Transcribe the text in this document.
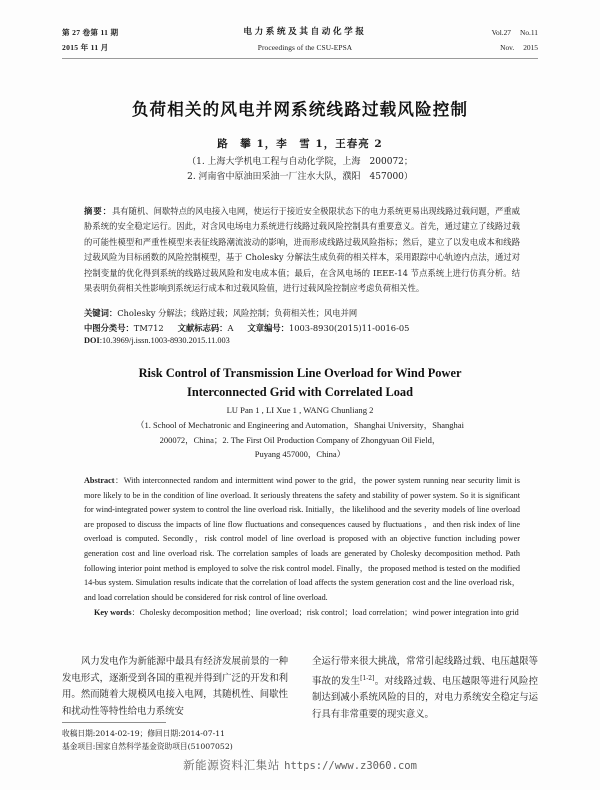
第 27 卷第 11 期
2015 年 11 月
电力系统及其自动化学报
Proceedings of the CSU-EPSA
Vol.27 No.11
Nov. 2015
负荷相关的风电并网系统线路过载风险控制
路　攀 1，李　雪 1，王春亮 2
（1. 上海大学机电工程与自动化学院，上海　200072；
2. 河南省中原油田采油一厂注水大队，濮阳　457000）
摘要：具有随机、间歇特点的风电接入电网，使运行于接近安全极限状态下的电力系统更易出现线路过载问题，严重威胁系统的安全稳定运行。因此，对含风电场电力系统进行线路过载风险控制具有重要意义。首先，通过建立了线路过载的可能性模型和严重性模型来表征线路潮流波动的影响，进而形成线路过载风险指标；然后，建立了以发电成本和线路过载风险为目标函数的风险控制模型，基于 Cholesky 分解法生成负荷的相关样本，采用跟踪中心轨迹内点法，通过对控制变量的优化得到系统的线路过载风险和发电成本值；最后，在含风电场的 IEEE-14 节点系统上进行仿真分析。结果表明负荷相关性影响到系统运行成本和过载风险值，进行过载风险控制应考虑负荷相关性。
关键词：Cholesky 分解法；线路过载；风险控制；负荷相关性；风电并网
中图分类号：TM712 文献标志码：A 文章编号：1003-8930(2015)11-0016-05
DOI:10.3969/j.issn.1003-8930.2015.11.003
Risk Control of Transmission Line Overload for Wind Power
Interconnected Grid with Correlated Load
LU Pan 1 , LI Xue 1 , WANG Chunliang 2
（1. School of Mechatronic and Engineering and Automation，Shanghai University，Shanghai
200072，China；2. The First Oil Production Company of Zhongyuan Oil Field，
Puyang 457000，China）
Abstract：With interconnected random and intermittent wind power to the grid，the power system running near security limit is more likely to be in the condition of line overload. It seriously threatens the safety and stability of power system. So it is significant for wind-integrated power system to control the line overload risk. Initially，the likelihood and the severity models of line overload are proposed to discuss the impacts of line flow fluctuations and consequences caused by fluctuations ，and then risk index of line overload is computed. Secondly，risk control model of line overload is proposed with an objective function including power generation cost and line overload risk. The correlation samples of loads are generated by Cholesky decomposition method. Path following interior point method is employed to solve the risk control model. Finally，the proposed method is tested on the modified 14-bus system. Simulation results indicate that the correlation of load affects the system generation cost and the line overload risk，and load correlation should be considered for risk control of line overload.
Key words：Cholesky decomposition method；line overload；risk control；load correlation；wind power integration into grid

风力发电作为新能源中最具有经济发展前景的一种发电形式，逐渐受到各国的重视并得到广泛的开发和利用。然而随着大规模风电接入电网，其随机性、间歇性和扰动性等特性给电力系统安

全运行带来很大挑战，常常引起线路过载、电压越限等事故的发生[1-2]。对线路过载、电压越限等进行风险控制达到减小系统风险的目的，对电力系统安全稳定与运行具有非常重要的现实意义。

收稿日期:2014-02-19；修回日期:2014-07-11
基金项目:国家自然科学基金资助项目(51007052)
新能源资料汇集站 https://www.z3060.com
